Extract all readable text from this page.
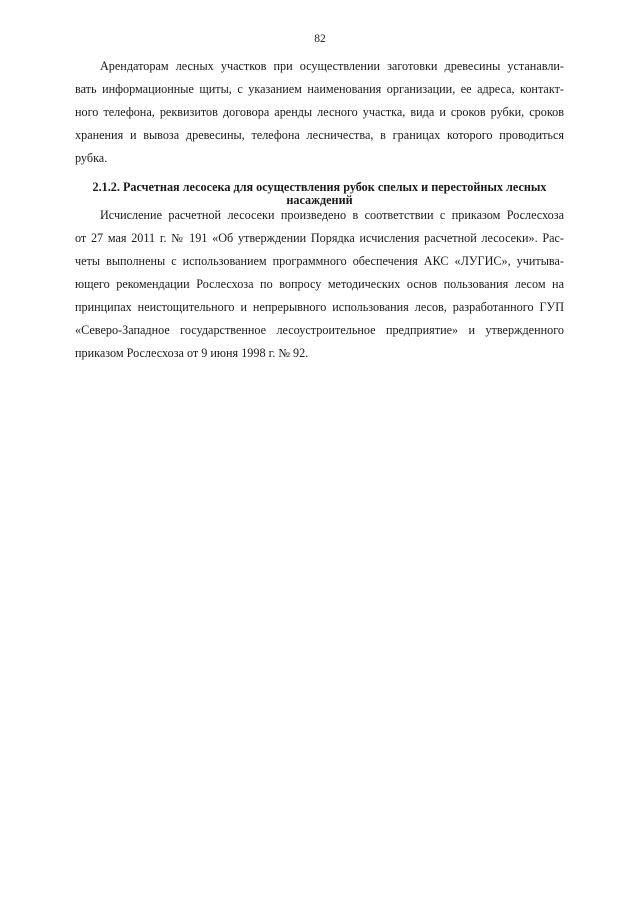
82
Арендаторам лесных участков при осуществлении заготовки древесины устанавли-
вать информационные щиты, с указанием наименования организации, ее адреса, контакт-
ного телефона, реквизитов договора аренды лесного участка, вида и сроков рубки, сроков
хранения и вывоза древесины, телефона лесничества, в границах которого проводиться
рубка.
2.1.2. Расчетная лесосека для осуществления рубок спелых и перестойных лесных
насаждений
Исчисление расчетной лесосеки произведено в соответствии с приказом Рослесхоза
от 27 мая 2011 г. № 191 «Об утверждении Порядка исчисления расчетной лесосеки». Рас-
четы выполнены с использованием программного обеспечения АКС «ЛУГИС», учитыва-
ющего рекомендации Рослесхоза по вопросу методических основ пользования лесом на
принципах неистощительного и непрерывного использования лесов, разработанного ГУП
«Северо-Западное государственное лесоустроительное предприятие» и утвержденного
приказом Рослесхоза от 9 июня 1998 г. № 92.
